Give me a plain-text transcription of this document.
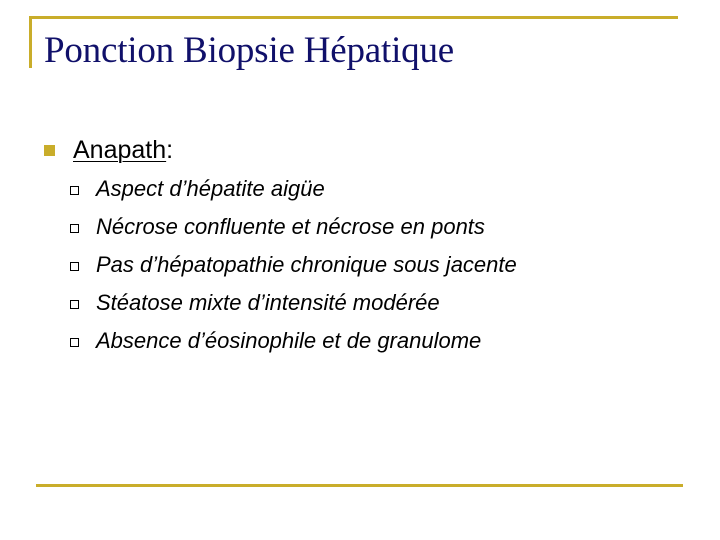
Ponction Biopsie Hépatique
Anapath:
Aspect d’hépatite aigüe
Nécrose confluente et nécrose en ponts
Pas d’hépatopathie chronique sous jacente
Stéatose mixte d’intensité modérée
Absence d’éosinophile et de granulome
